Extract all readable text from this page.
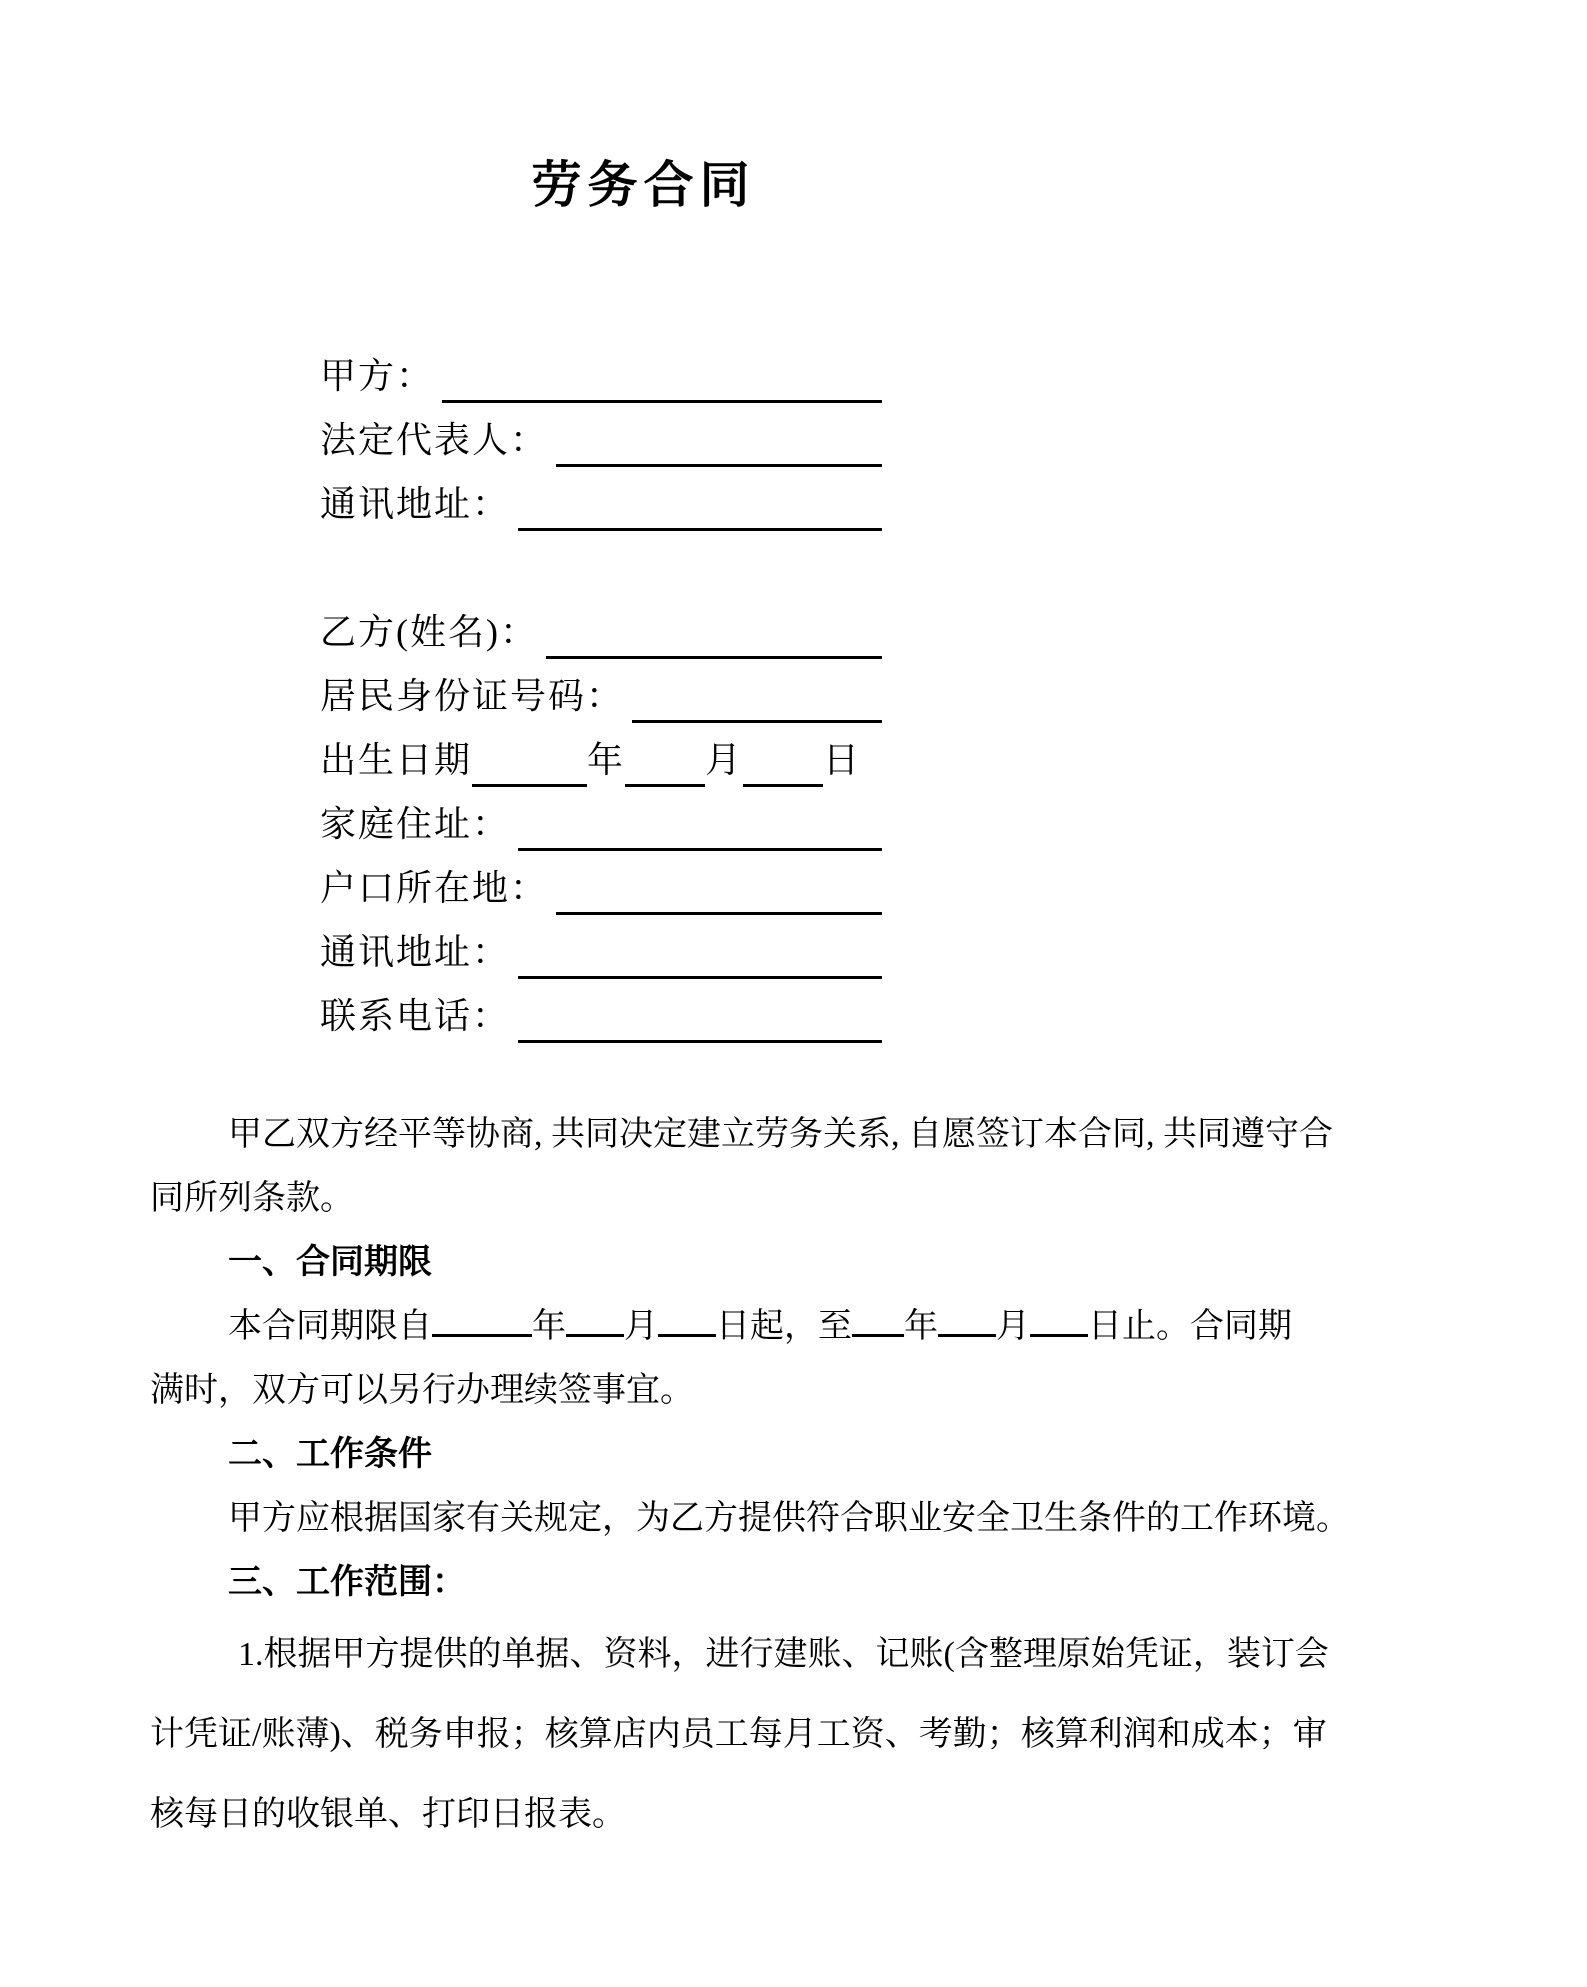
劳务合同
甲方：
法定代表人：
通讯地址：
乙方(姓名)：
居民身份证号码：
出生日期	年 月 日
家庭住址：
户口所在地：
通讯地址：
联系电话：
甲乙双方经平等协商, 共同决定建立劳务关系, 自愿签订本合同, 共同遵守合
同所列条款。
一、合同期限
本合同期限自	年 月 日起，至 年 月 日止。合同期
满时，双方可以另行办理续签事宜。
二、工作条件
甲方应根据国家有关规定，为乙方提供符合职业安全卫生条件的工作环境。
三、工作范围：
1.根据甲方提供的单据、资料，进行建账、记账(含整理原始凭证，装订会
计凭证/账薄)、税务申报；核算店内员工每月工资、考勤；核算利润和成本；审
核每日的收银单、打印日报表。
